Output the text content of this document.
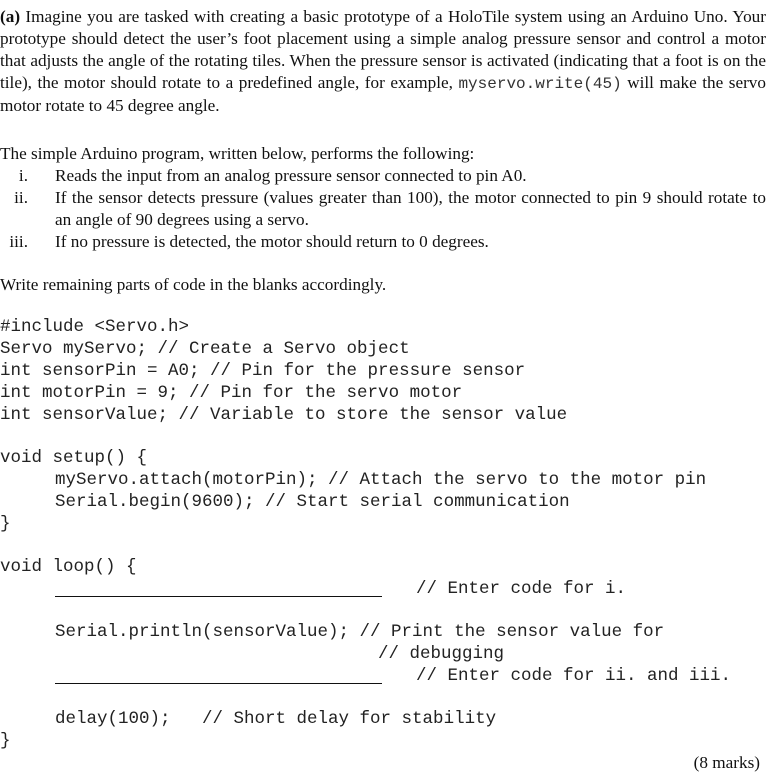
(a) Imagine you are tasked with creating a basic prototype of a HoloTile system using an Arduino Uno. Your prototype should detect the user’s foot placement using a simple analog pressure sensor and control a motor that adjusts the angle of the rotating tiles. When the pressure sensor is activated (indicating that a foot is on the tile), the motor should rotate to a predefined angle, for example, myservo.write(45) will make the servo motor rotate to 45 degree angle.

The simple Arduino program, written below, performs the following:
i. Reads the input from an analog pressure sensor connected to pin A0.
ii. If the sensor detects pressure (values greater than 100), the motor connected to pin 9 should rotate to an angle of 90 degrees using a servo.
iii. If no pressure is detected, the motor should return to 0 degrees.
Write remaining parts of code in the blanks accordingly.
#include <Servo.h>
Servo myServo; // Create a Servo object
int sensorPin = A0; // Pin for the pressure sensor
int motorPin = 9; // Pin for the servo motor
int sensorValue; // Variable to store the sensor value
void setup() {
myServo.attach(motorPin); // Attach the servo to the motor pin
Serial.begin(9600); // Start serial communication
}
void loop() {
// Enter code for i.
Serial.println(sensorValue); // Print the sensor value for
// debugging
// Enter code for ii. and iii.
delay(100);   // Short delay for stability
}
(8 marks)
